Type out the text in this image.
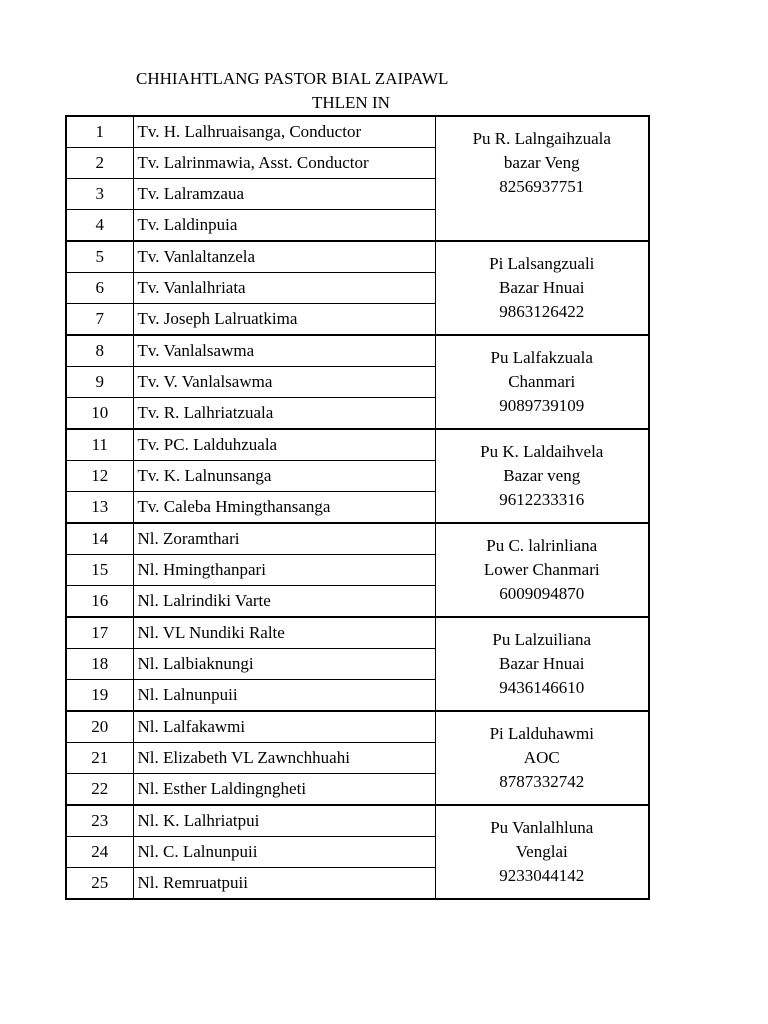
CHHIAHTLANG PASTOR BIAL ZAIPAWL
THLEN IN
1	Tv. H. Lalhruaisanga, Conductor	Pu R. Lalngaihzuala
bazar Veng
8256937751

2	Tv. Lalrinmawia, Asst. Conductor	
3	Tv. Lalramzaua	
4	Tv. Laldinpuia	
5	Tv. Vanlaltanzela	Pi Lalsangzuali
Bazar Hnuai
9863126422

6	Tv. Vanlalhriata	
7	Tv. Joseph Lalruatkima	
8	Tv. Vanlalsawma	Pu Lalfakzuala
Chanmari
9089739109

9	Tv. V. Vanlalsawma	
10	Tv. R. Lalhriatzuala	
11	Tv. PC. Lalduhzuala	Pu K. Laldaihvela
Bazar veng
9612233316

12	Tv. K. Lalnunsanga	
13	Tv. Caleba Hmingthansanga	
14	Nl. Zoramthari	Pu C. lalrinliana
Lower Chanmari
6009094870

15	Nl. Hmingthanpari	
16	Nl. Lalrindiki Varte	
17	Nl. VL Nundiki Ralte	Pu Lalzuiliana
Bazar Hnuai
9436146610

18	Nl. Lalbiaknungi	
19	Nl. Lalnunpuii	
20	Nl. Lalfakawmi	Pi Lalduhawmi
AOC
8787332742

21	Nl. Elizabeth VL Zawnchhuahi	
22	Nl. Esther Laldingngheti	
23	Nl. K. Lalhriatpui	Pu Vanlalhluna
Venglai
9233044142

24	Nl. C. Lalnunpuii	
25	Nl. Remruatpuii	
